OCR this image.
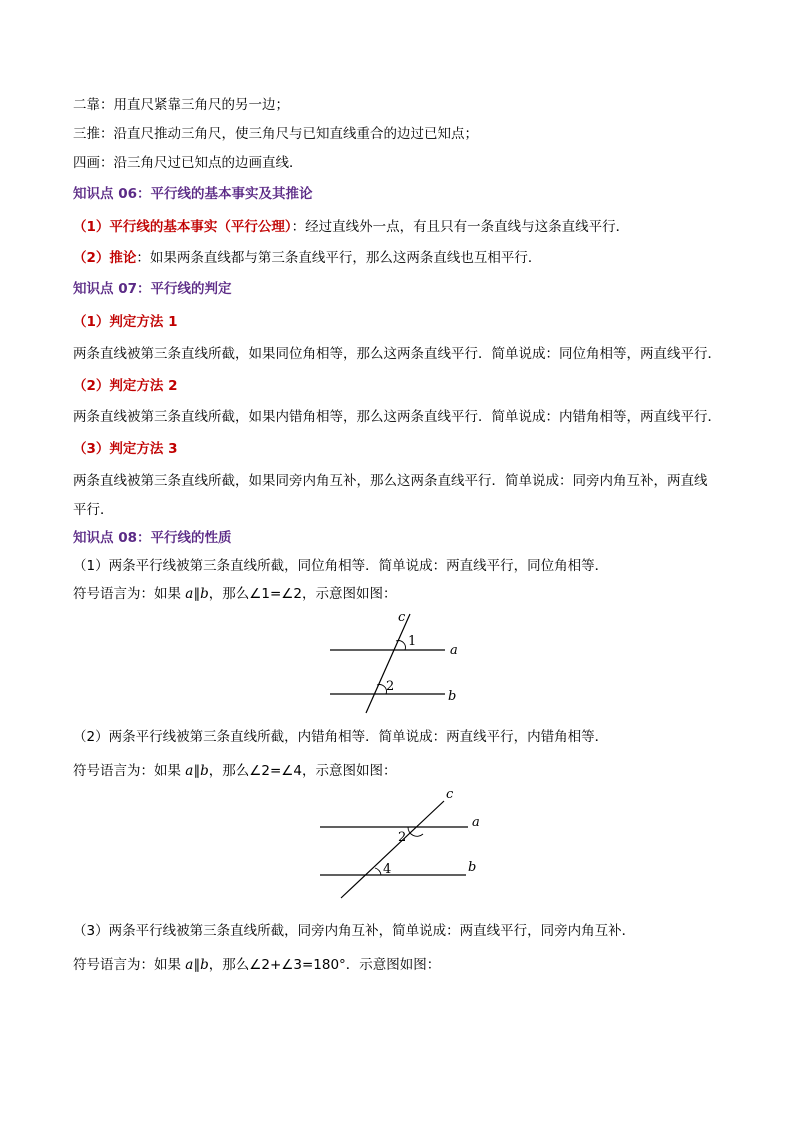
二靠：用直尺紧靠三角尺的另一边；
三推：沿直尺推动三角尺，使三角尺与已知直线重合的边过已知点；
四画：沿三角尺过已知点的边画直线．
知识点 06：平行线的基本事实及其推论
（1）平行线的基本事实（平行公理）：经过直线外一点，有且只有一条直线与这条直线平行．
（2）推论：如果两条直线都与第三条直线平行，那么这两条直线也互相平行．
知识点 07：平行线的判定
（1）判定方法 1
两条直线被第三条直线所截，如果同位角相等，那么这两条直线平行．简单说成：同位角相等，两直线平行．
（2）判定方法 2
两条直线被第三条直线所截，如果内错角相等，那么这两条直线平行．简单说成：内错角相等，两直线平行．
（3）判定方法 3
两条直线被第三条直线所截，如果同旁内角互补，那么这两条直线平行．简单说成：同旁内角互补，两直线
平行．
知识点 08：平行线的性质
（1）两条平行线被第三条直线所截，同位角相等．简单说成：两直线平行，同位角相等．
符号语言为：如果 a∥b，那么∠1=∠2，示意图如图：
c
1
a
2
b
（2）两条平行线被第三条直线所截，内错角相等．简单说成：两直线平行，内错角相等．
符号语言为：如果 a∥b，那么∠2=∠4，示意图如图：
c
a
2
b
4
（3）两条平行线被第三条直线所截，同旁内角互补，简单说成：两直线平行，同旁内角互补．
符号语言为：如果 a∥b，那么∠2+∠3=180°．示意图如图：
